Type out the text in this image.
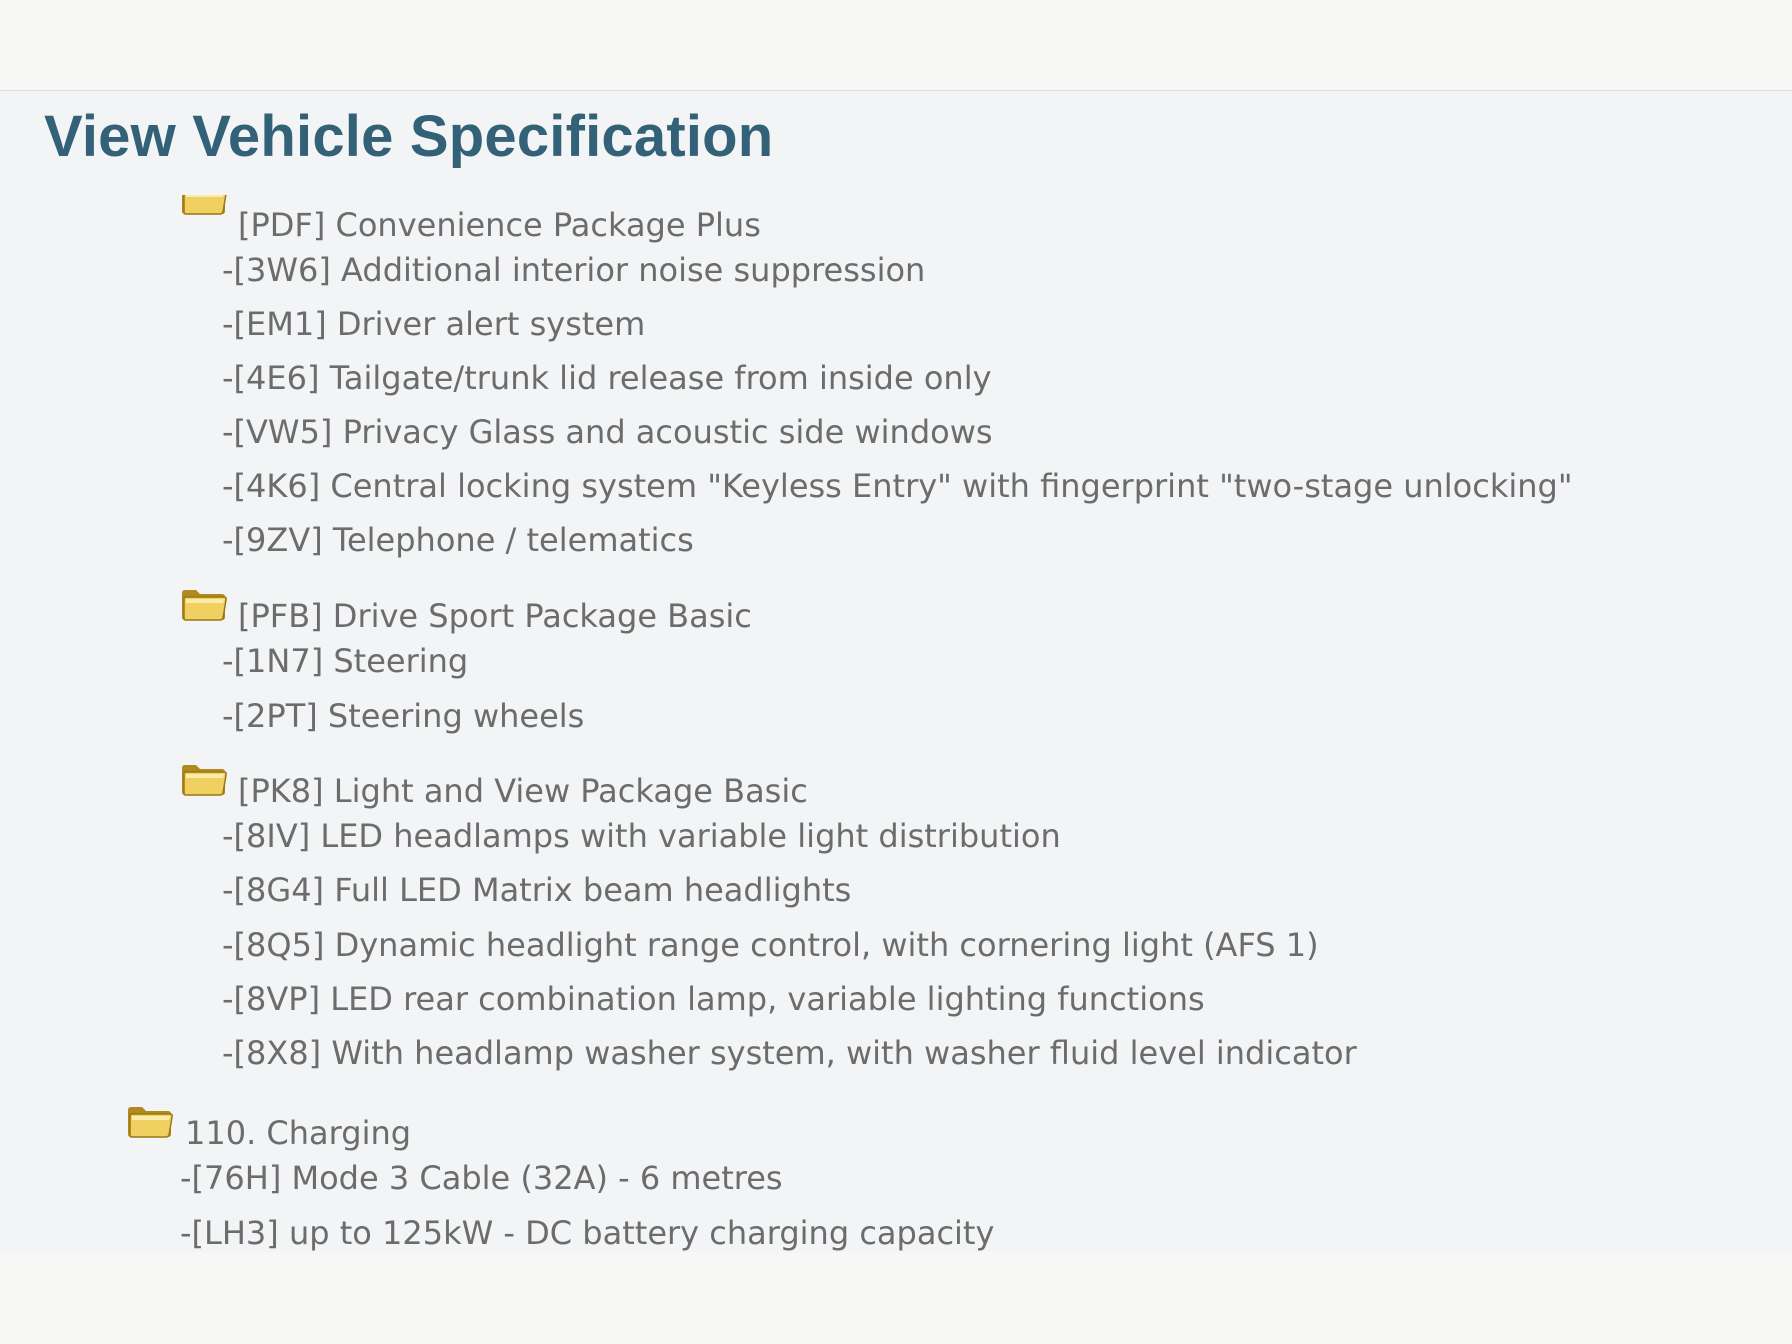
View Vehicle Specification
[PDF] Convenience Package Plus
-[3W6] Additional interior noise suppression
-[EM1] Driver alert system
-[4E6] Tailgate/trunk lid release from inside only
-[VW5] Privacy Glass and acoustic side windows
-[4K6] Central locking system "Keyless Entry" with fingerprint "two-stage unlocking"
-[9ZV] Telephone / telematics
[PFB] Drive Sport Package Basic
-[1N7] Steering
-[2PT] Steering wheels
[PK8] Light and View Package Basic
-[8IV] LED headlamps with variable light distribution
-[8G4] Full LED Matrix beam headlights
-[8Q5] Dynamic headlight range control, with cornering light (AFS 1)
-[8VP] LED rear combination lamp, variable lighting functions
-[8X8] With headlamp washer system, with washer fluid level indicator
110. Charging
-[76H] Mode 3 Cable (32A) - 6 metres
-[LH3] up to 125kW - DC battery charging capacity
